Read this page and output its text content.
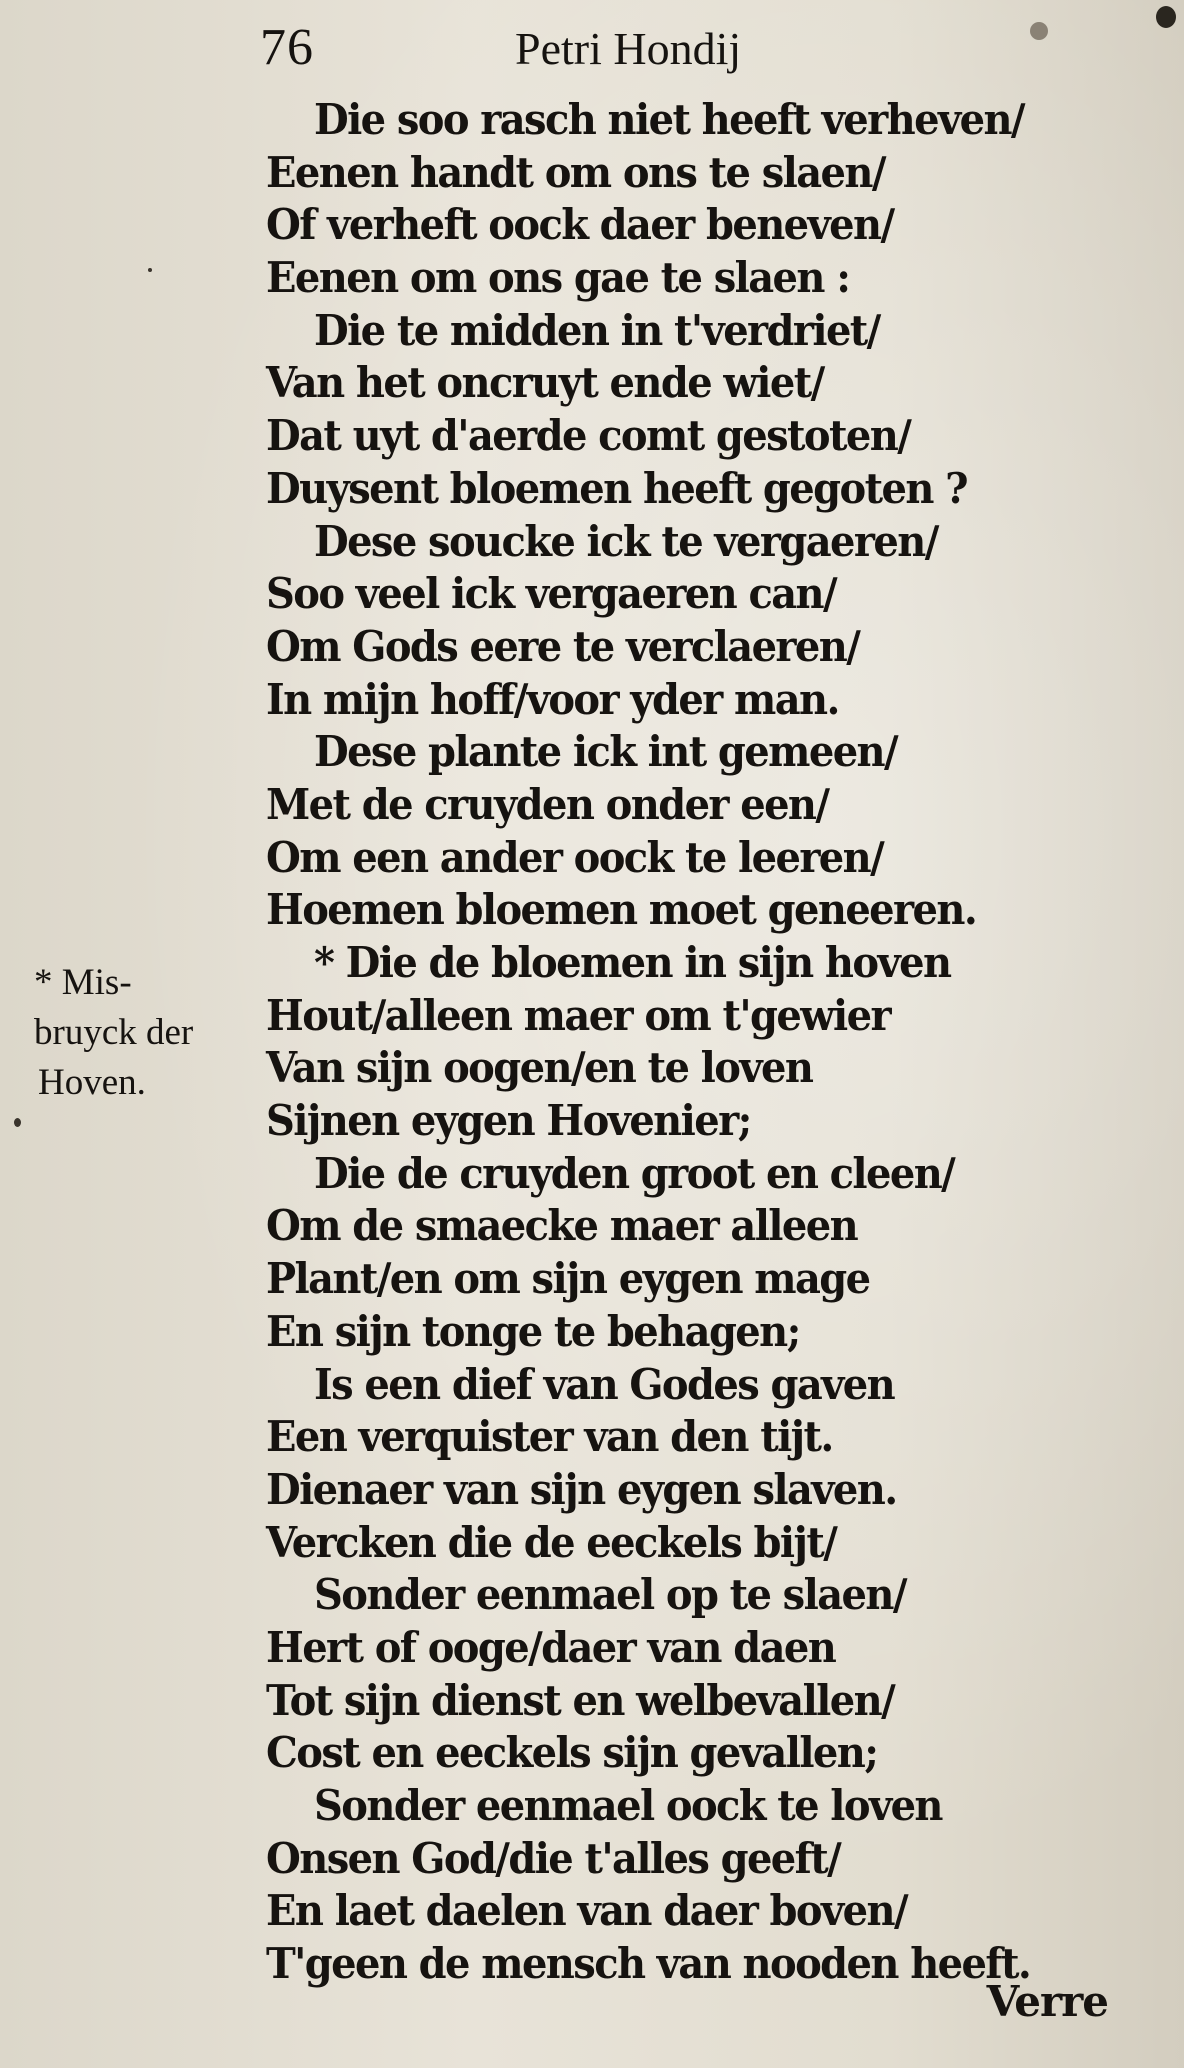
76	Petri Hondij
* Mis-
bruyck der
Hoven.
Die soo rasch niet heeft verheven/
Eenen handt om ons te slaen/
Of verheft oock daer beneven/
Eenen om ons gae te slaen :
Die te midden in t'verdriet/
Van het oncruyt ende wiet/
Dat uyt d'aerde comt gestoten/
Duysent bloemen heeft gegoten ?
Dese soucke ick te vergaeren/
Soo veel ick vergaeren can/
Om Gods eere te verclaeren/
In mijn hoff/voor yder man.
Dese plante ick int gemeen/
Met de cruyden onder een/
Om een ander oock te leeren/
Hoemen bloemen moet geneeren.
* Die de bloemen in sijn hoven
Hout/alleen maer om t'gewier
Van sijn oogen/en te loven
Sijnen eygen Hovenier;
Die de cruyden groot en cleen/
Om de smaecke maer alleen
Plant/en om sijn eygen mage
En sijn tonge te behagen;
Is een dief van Godes gaven
Een verquister van den tijt.
Dienaer van sijn eygen slaven.
Vercken die de eeckels bijt/
Sonder eenmael op te slaen/
Hert of ooge/daer van daen
Tot sijn dienst en welbevallen/
Cost en eeckels sijn gevallen;
Sonder eenmael oock te loven
Onsen God/die t'alles geeft/
En laet daelen van daer boven/
T'geen de mensch van nooden heeft.
Verre
